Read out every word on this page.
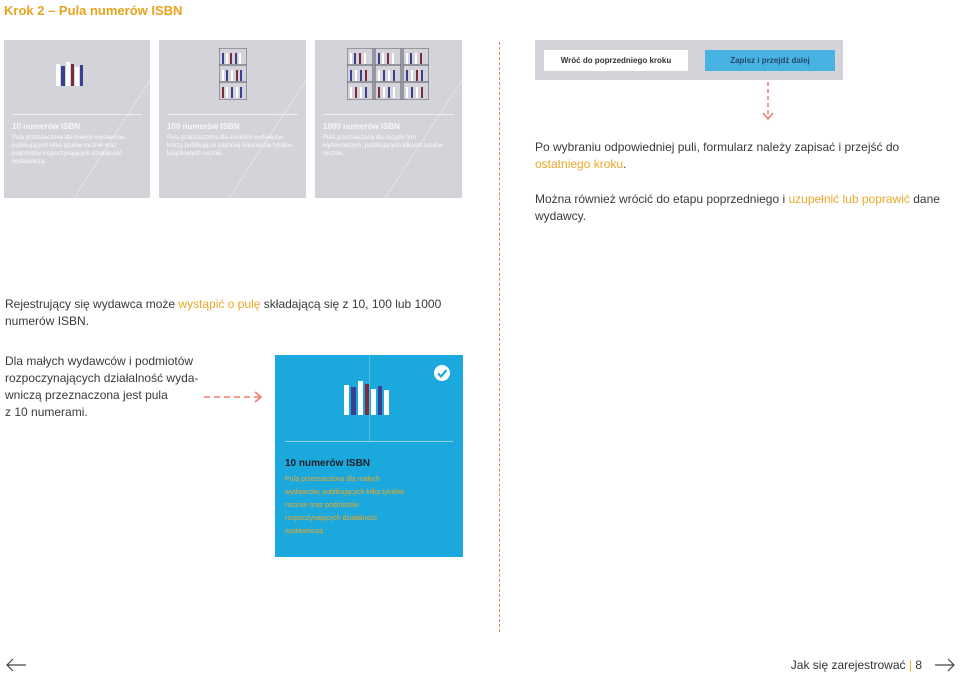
Krok 2 – Pula numerów ISBN
10 numerów ISBN
Pula przeznaczona dla małych wydawców, publikujących kilka tytułów rocznie oraz podmiotów rozpoczynających działalność wydawniczą.
100 numerów ISBN
Pula przeznaczona dla średnich wydawców, którzy publikują co najmniej kilkanaście tytułów książkowych rocznie.
1000 numerów ISBN
Pula przeznaczona dla dużych firm wydawniczych, publikujących kilkaset tytułów rocznie.
Wróć do poprzedniego kroku	Zapisz i przejdź dalej
Po wybraniu odpowiedniej puli, formularz należy zapisać i przejść do ostatniego kroku.
Można również wrócić do etapu poprzedniego i uzupełnić lub poprawić dane wydawcy.
Rejestrujący się wydawca może wystąpić o pulę składającą się z 10, 100 lub 1000 numerów ISBN.
Dla małych wydawców i podmiotów
rozpoczynających działalność wyda-
wniczą przeznaczona jest pula
z 10 numerami.
10 numerów ISBN
Pula przeznaczona dla małych wydawców, publikujących kilka tytułów rocznie oraz podmiotów rozpoczynających działalność wydawniczą.
Jak się zarejestrować | 8
